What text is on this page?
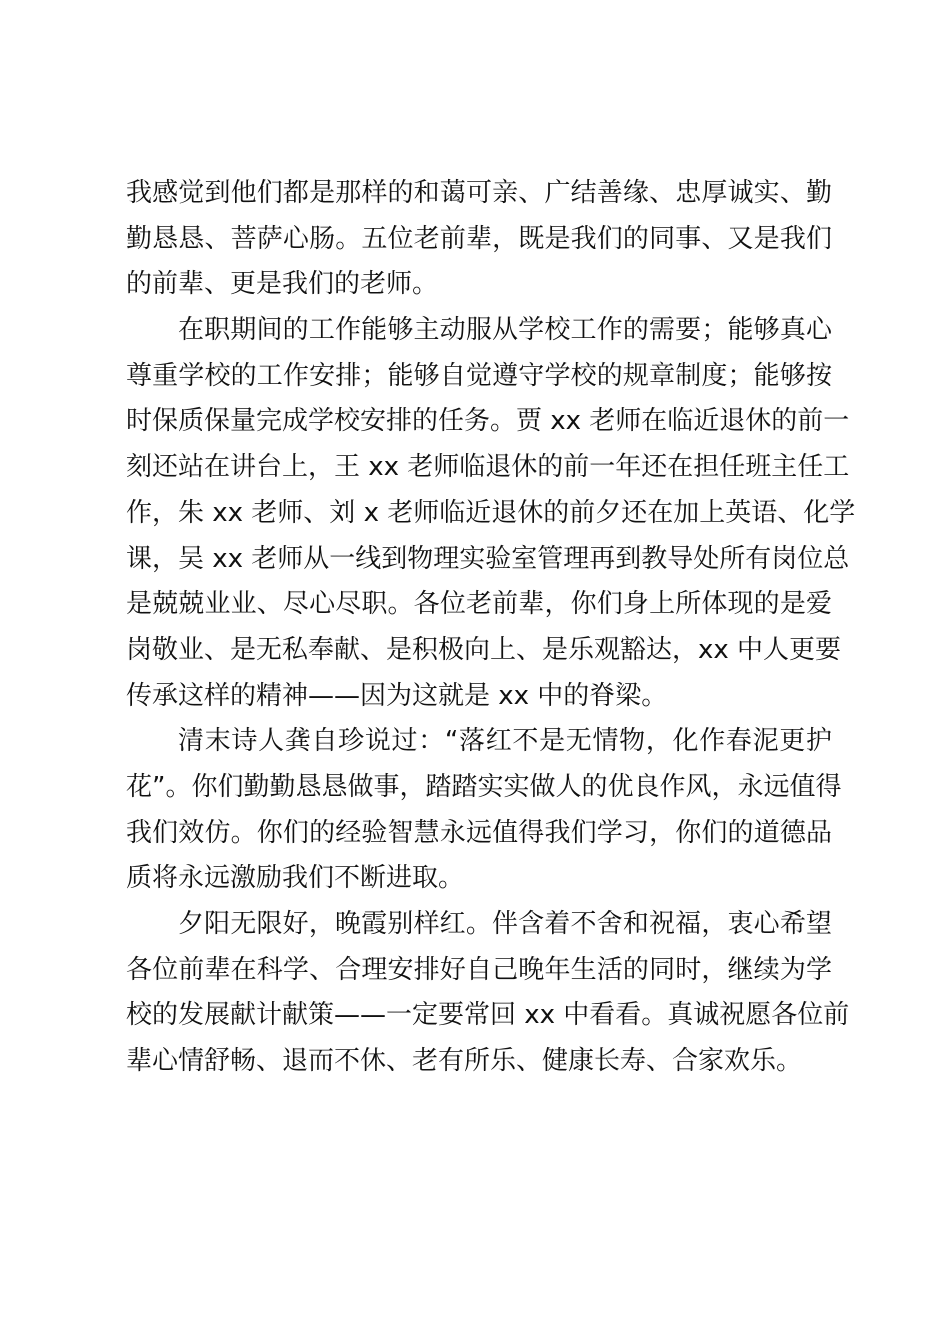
我感觉到他们都是那样的和蔼可亲、广结善缘、忠厚诚实、勤
勤恳恳、菩萨心肠。五位老前辈，既是我们的同事、又是我们
的前辈、更是我们的老师。
在职期间的工作能够主动服从学校工作的需要；能够真心
尊重学校的工作安排；能够自觉遵守学校的规章制度；能够按
时保质保量完成学校安排的任务。贾 xx 老师在临近退休的前一
刻还站在讲台上，王 xx 老师临退休的前一年还在担任班主任工
作，朱 xx 老师、刘 x 老师临近退休的前夕还在加上英语、化学
课，吴 xx 老师从一线到物理实验室管理再到教导处所有岗位总
是兢兢业业、尽心尽职。各位老前辈，你们身上所体现的是爱
岗敬业、是无私奉献、是积极向上、是乐观豁达，xx 中人更要
传承这样的精神——因为这就是 xx 中的脊梁。
清末诗人龚自珍说过：“落红不是无情物，化作春泥更护
花”。你们勤勤恳恳做事，踏踏实实做人的优良作风，永远值得
我们效仿。你们的经验智慧永远值得我们学习，你们的道德品
质将永远激励我们不断进取。
夕阳无限好，晚霞别样红。伴含着不舍和祝福，衷心希望
各位前辈在科学、合理安排好自己晚年生活的同时，继续为学
校的发展献计献策——一定要常回 xx 中看看。真诚祝愿各位前
辈心情舒畅、退而不休、老有所乐、健康长寿、合家欢乐。
